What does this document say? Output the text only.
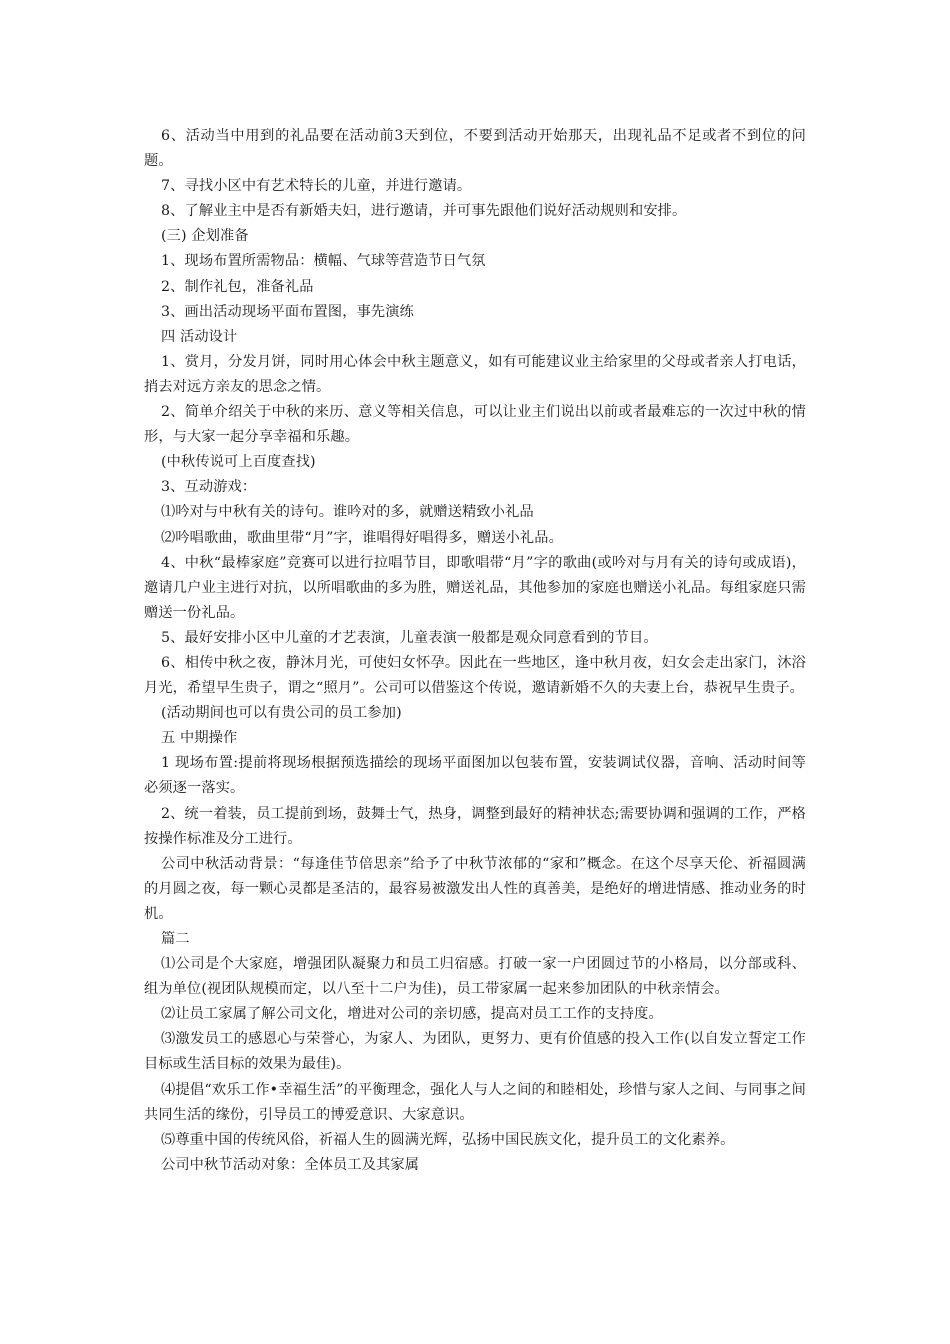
6、活动当中用到的礼品要在活动前3天到位，不要到活动开始那天，出现礼品不足或者不到位的问题。

7、寻找小区中有艺术特长的儿童，并进行邀请。

8、了解业主中是否有新婚夫妇，进行邀请，并可事先跟他们说好活动规则和安排。

(三) 企划准备

1、现场布置所需物品：横幅、气球等营造节日气氛

2、制作礼包，准备礼品

3、画出活动现场平面布置图，事先演练

四 活动设计

1、赏月，分发月饼，同时用心体会中秋主题意义，如有可能建议业主给家里的父母或者亲人打电话，捎去对远方亲友的思念之情。

2、简单介绍关于中秋的来历、意义等相关信息，可以让业主们说出以前或者最难忘的一次过中秋的情形，与大家一起分享幸福和乐趣。

(中秋传说可上百度查找)

3、互动游戏：

⑴吟对与中秋有关的诗句。谁吟对的多，就赠送精致小礼品

⑵吟唱歌曲，歌曲里带“月”字，谁唱得好唱得多，赠送小礼品。

4、中秋“最棒家庭”竞赛可以进行拉唱节目，即歌唱带“月”字的歌曲(或吟对与月有关的诗句或成语)，邀请几户业主进行对抗，以所唱歌曲的多为胜，赠送礼品，其他参加的家庭也赠送小礼品。每组家庭只需赠送一份礼品。

5、最好安排小区中儿童的才艺表演，儿童表演一般都是观众同意看到的节目。

6、相传中秋之夜，静沐月光，可使妇女怀孕。因此在一些地区，逢中秋月夜，妇女会走出家门，沐浴月光，希望早生贵子，谓之“照月”。公司可以借鉴这个传说，邀请新婚不久的夫妻上台，恭祝早生贵子。

(活动期间也可以有贵公司的员工参加)

五 中期操作

1 现场布置:提前将现场根据预选描绘的现场平面图加以包装布置，安装调试仪器，音响、活动时间等必须逐一落实。

2、统一着装，员工提前到场，鼓舞士气，热身，调整到最好的精神状态;需要协调和强调的工作，严格按操作标准及分工进行。

公司中秋活动背景：“每逢佳节倍思亲”给予了中秋节浓郁的“家和”概念。在这个尽享天伦、祈福圆满的月圆之夜，每一颗心灵都是圣洁的，最容易被激发出人性的真善美，是绝好的增进情感、推动业务的时机。

篇二

⑴公司是个大家庭，增强团队凝聚力和员工归宿感。打破一家一户团圆过节的小格局，以分部或科、组为单位(视团队规模而定，以八至十二户为佳)，员工带家属一起来参加团队的中秋亲情会。

⑵让员工家属了解公司文化，增进对公司的亲切感，提高对员工工作的支持度。

⑶激发员工的感恩心与荣誉心，为家人、为团队，更努力、更有价值感的投入工作(以自发立誓定工作目标或生活目标的效果为最佳)。

⑷提倡“欢乐工作•幸福生活”的平衡理念，强化人与人之间的和睦相处，珍惜与家人之间、与同事之间共同生活的缘份，引导员工的博爱意识、大家意识。

⑸尊重中国的传统风俗，祈福人生的圆满光辉，弘扬中国民族文化，提升员工的文化素养。

公司中秋节活动对象：全体员工及其家属
